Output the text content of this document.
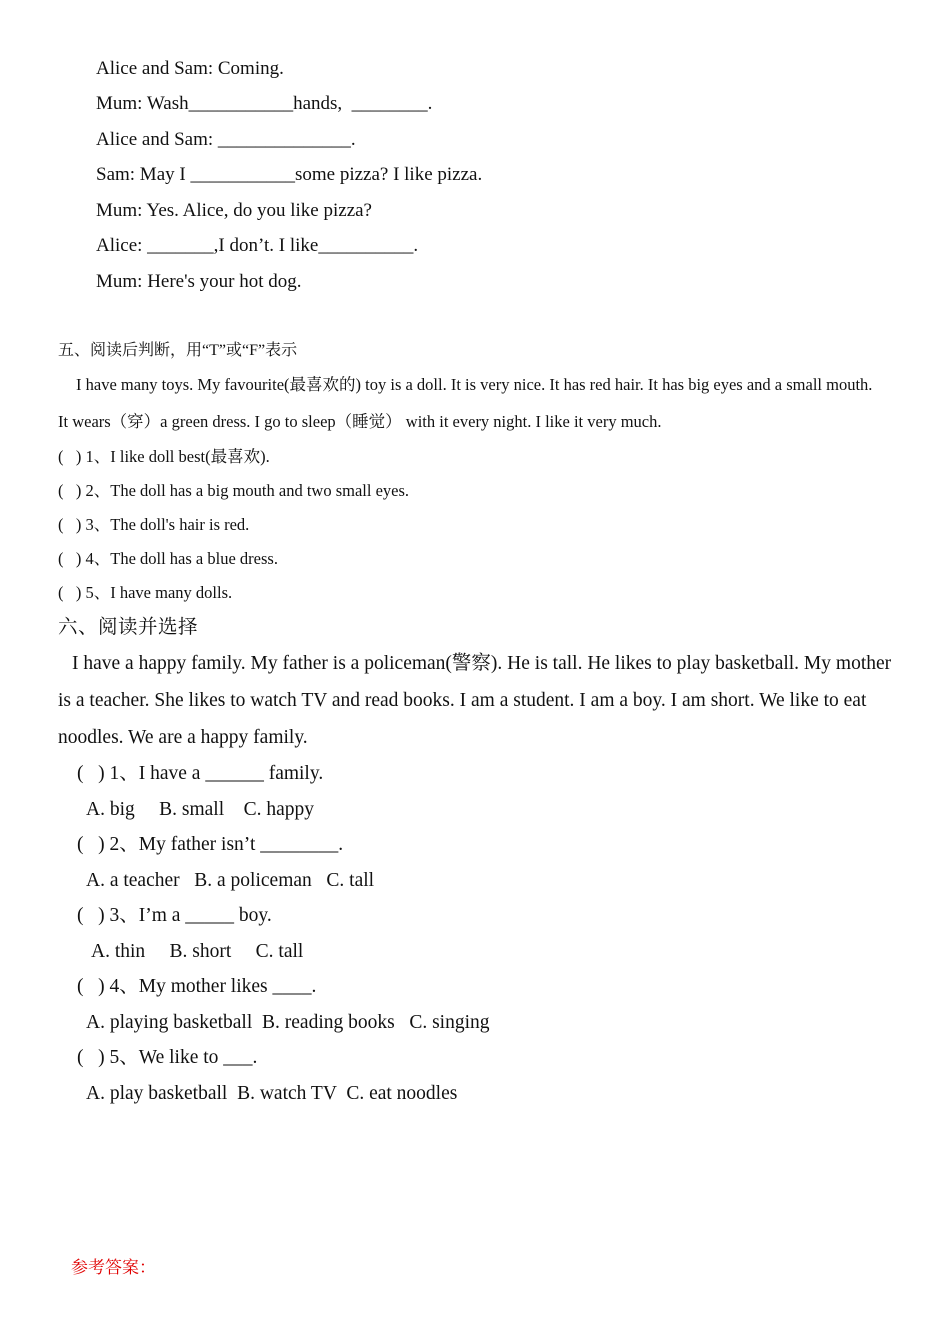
Alice and Sam: Coming.
Mum: Wash___________hands,  ________.
Alice and Sam: ______________.
Sam: May I ___________some pizza? I like pizza.
Mum: Yes. Alice, do you like pizza?
Alice: _______,I don’t. I like__________.
Mum: Here's your hot dog.
五、阅读后判断，用“T”或“F”表示
I have many toys. My favourite(最喜欢的) toy is a doll. It is very nice. It has red hair. It has big eyes and a small mouth.
It wears（穿）a green dress. I go to sleep（睡觉） with it every night. I like it very much.
(   ) 1、I like doll best(最喜欢).
(   ) 2、The doll has a big mouth and two small eyes.
(   ) 3、The doll's hair is red.
(   ) 4、The doll has a blue dress.
(   ) 5、I have many dolls.
六、阅读并选择
I have a happy family. My father is a policeman(警察). He is tall. He likes to play basketball. My mother
is a teacher. She likes to watch TV and read books. I am a student. I am a boy. I am short. We like to eat
noodles. We are a happy family.
(   ) 1、I have a ______ family.
A. big     B. small    C. happy
(   ) 2、My father isn’t ________.
A. a teacher   B. a policeman   C. tall
(   ) 3、I’m a _____ boy.
A. thin     B. short     C. tall
(   ) 4、My mother likes ____.
A. playing basketball  B. reading books   C. singing
(   ) 5、We like to ___.
A. play basketball  B. watch TV  C. eat noodles
参考答案：
